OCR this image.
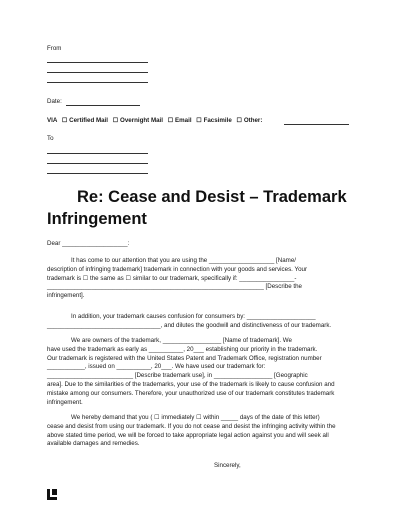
From
Date:
VIA ☐ Certified Mail ☐ Overnight Mail ☐ Email ☐ Facsimile ☐ Other:
To
Re: Cease and Desist – Trademark
Infringement
Dear ___________________:
It has come to our attention that you are using the ___________________ [Name/
description of infringing trademark] trademark in connection with your goods and services. Your
trademark is ☐ the same as ☐ similar to our trademark, specifically if: ________________-
_______________________________________________________________ [Describe the
infringement].
In addition, your trademark causes confusion for consumers by: ____________________
_________________________________, and dilutes the goodwill and distinctiveness of our trademark.
We are owners of the trademark, _________________ [Name of trademark]. We
have used the trademark as early as __________, 20___ establishing our priority in the trademark.
Our trademark is registered with the United States Patent and Trademark Office, registration number
___________, issued on __________, 20___. We have used our trademark for:
_________________________ [Describe trademark use], in _________________ [Geographic
area]. Due to the similarities of the trademarks, your use of the trademark is likely to cause confusion and
mistake among our consumers. Therefore, your unauthorized use of our trademark constitutes trademark
infringement.
We hereby demand that you ( ☐ immediately ☐ within _____ days of the date of this letter)
cease and desist from using our trademark. If you do not cease and desist the infringing activity within the
above stated time period, we will be forced to take appropriate legal action against you and will seek all
available damages and remedies.
Sincerely,
